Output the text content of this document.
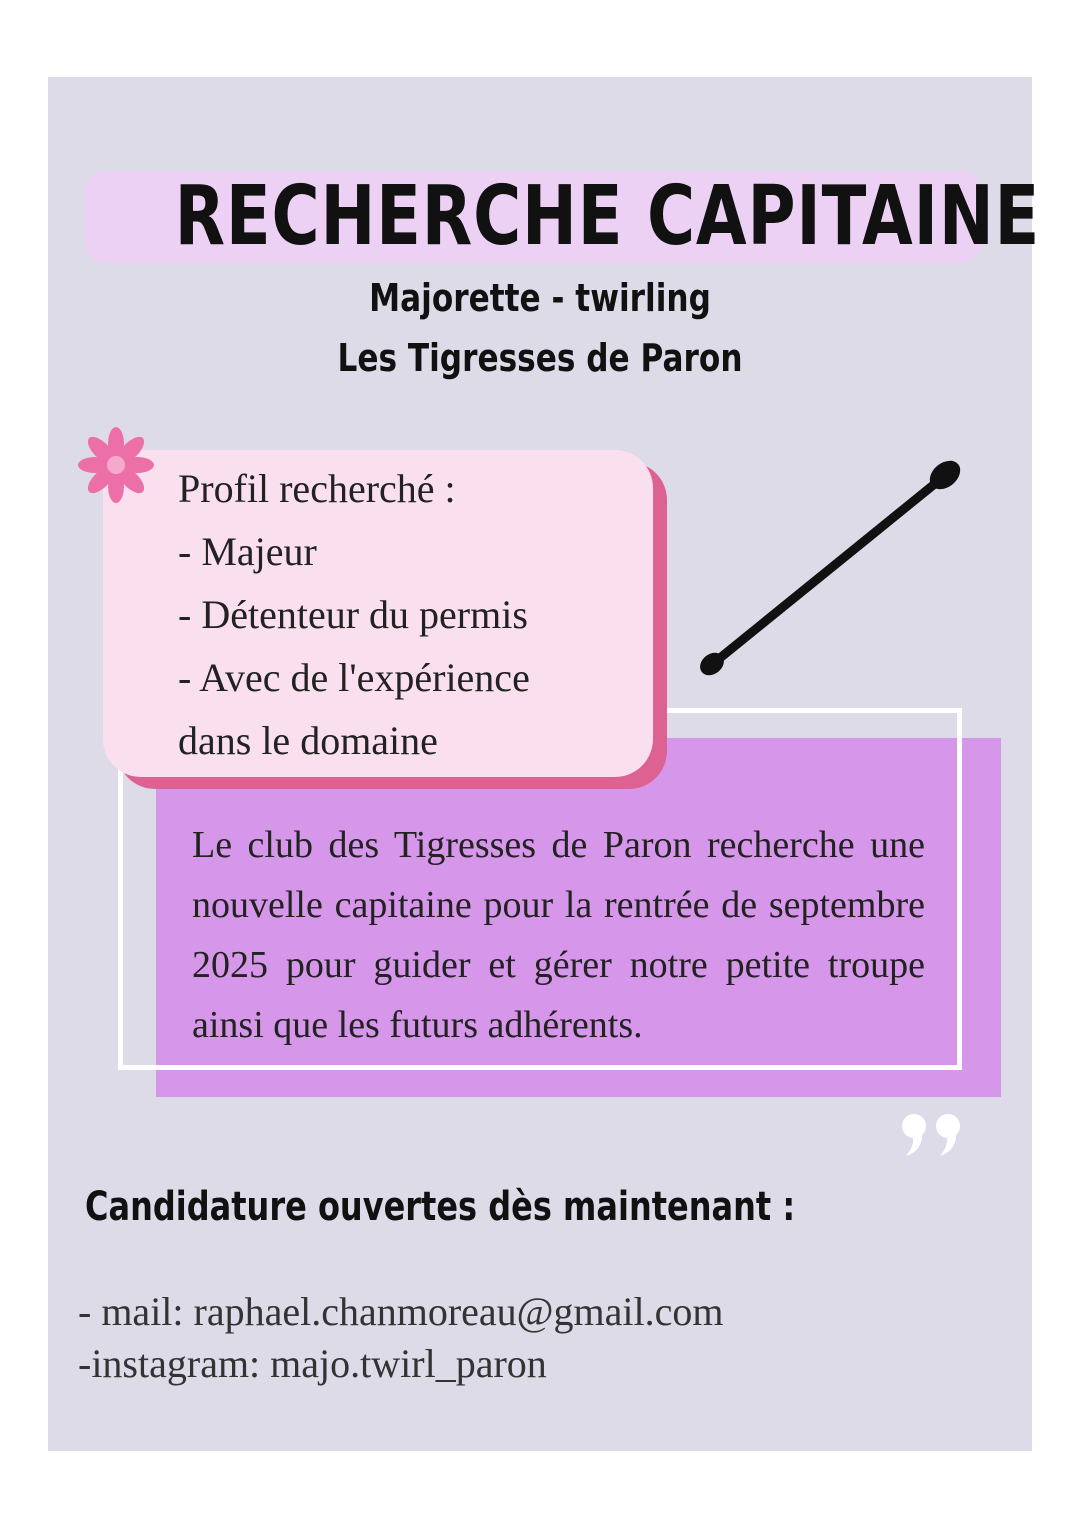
RECHERCHE CAPITAINE
Majorette - twirling
Les Tigresses de Paron
Profil recherché :
- Majeur
- Détenteur du permis
- Avec de l'expérience
dans le domaine
Le club des Tigresses de Paron recherche une nouvelle capitaine pour la rentrée de septembre 2025 pour guider et gérer notre petite troupe ainsi que les futurs adhérents.
Candidature ouvertes dès maintenant :
- mail: raphael.chanmoreau@gmail.com
-instagram: majo.twirl_paron
